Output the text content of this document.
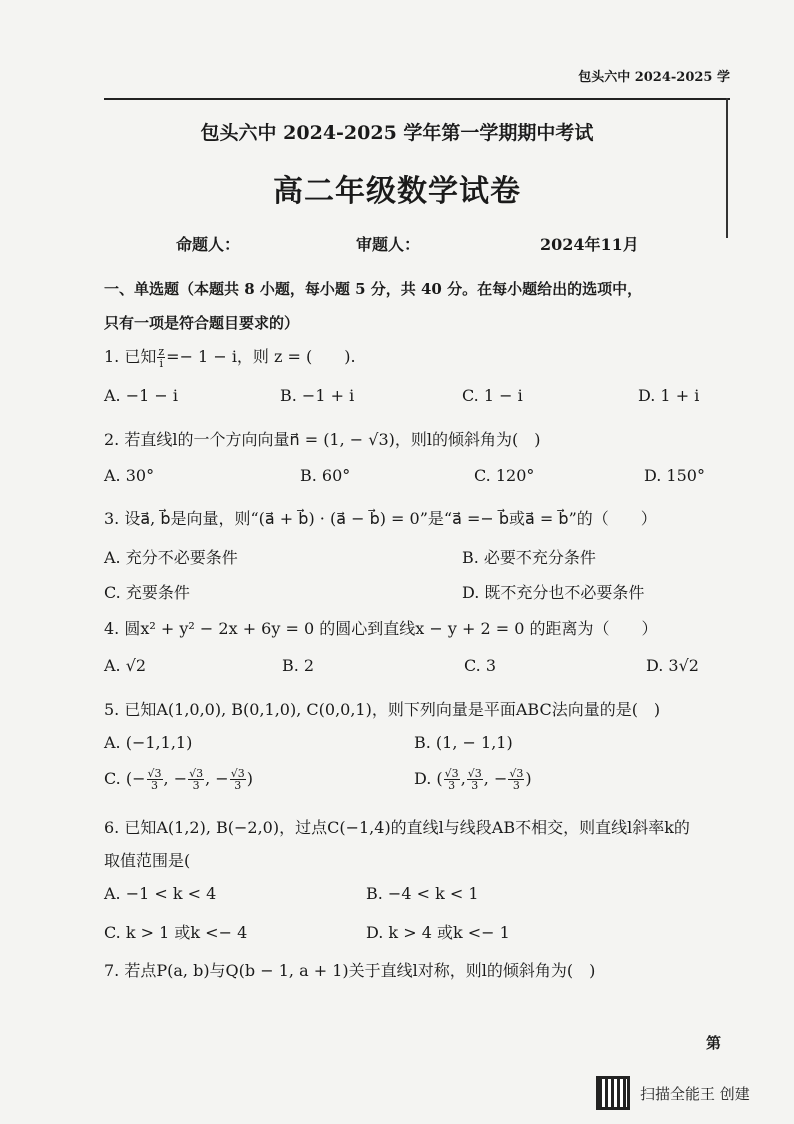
包头六中 2024-2025 学
包头六中 2024-2025 学年第一学期期中考试
高二年级数学试卷
命题人：	审题人：	2024年11月
一、单选题（本题共 8 小题，每小题 5 分，共 40 分。在每小题给出的选项中，
只有一项是符合题目要求的）
1. 已知 $\frac{z}{i} =- 1 - i$，则 z = (　　).
A. −1 − i	B. −1 + i	C. 1 − i	D. 1 + i
2. 若直线l的一个方向向量n⃗ = (1, − √3)，则l的倾斜角为(　)
A. 30°	B. 60°	C. 120°	D. 150°
3. 设a⃗, b⃗是向量，则“(a⃗ + b⃗) · (a⃗ − b⃗) = 0”是“a⃗ =− b⃗或a⃗ = b⃗”的（　　）
A. 充分不必要条件	B. 必要不充分条件
C. 充要条件	D. 既不充分也不必要条件
4. 圆x² + y² − 2x + 6y = 0 的圆心到直线x − y + 2 = 0 的距离为（　　）
A. √2	B. 2	C. 3	D. 3√2
5. 已知A(1,0,0), B(0,1,0), C(0,0,1)，则下列向量是平面ABC法向量的是(　)
A. (−1,1,1)	B. (1, − 1,1)
C. (− $\frac{√3}{3}$ , − $\frac{√3}{3}$ , − $\frac{√3}{3}$ )	D. ( $\frac{√3}{3}$ , $\frac{√3}{3}$ , − $\frac{√3}{3}$ )
6. 已知A(1,2), B(−2,0)，过点C(−1,4)的直线l与线段AB不相交，则直线l斜率k的
取值范围是(　
A. −1 < k < 4	B. −4 < k < 1
C. k > 1 或k <− 4	D. k > 4 或k <− 1
7. 若点P(a, b)与Q(b − 1, a + 1)关于直线l对称，则l的倾斜角为(　)
第
扫描全能王 创建
